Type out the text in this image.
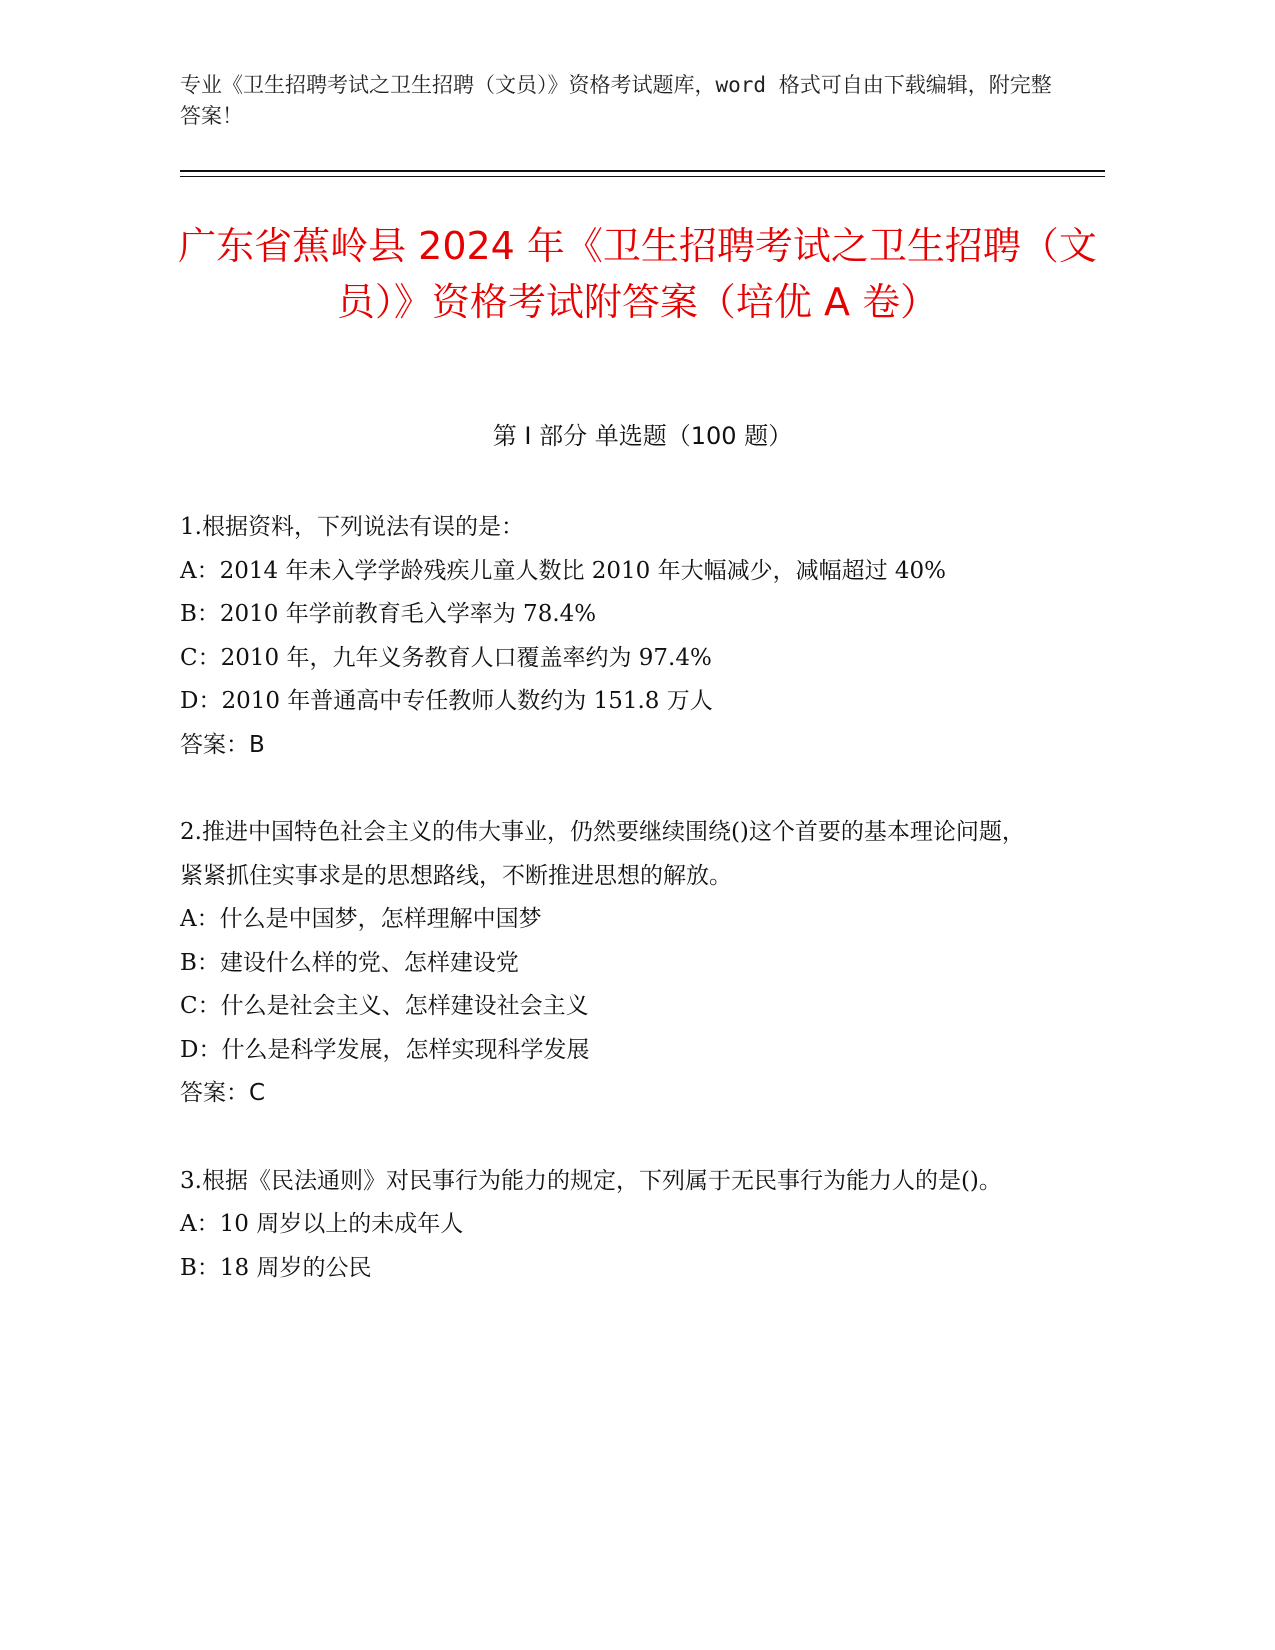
专业《卫生招聘考试之卫生招聘（文员）》资格考试题库，word 格式可自由下载编辑，附完整答案！
广东省蕉岭县 2024 年《卫生招聘考试之卫生招聘（文员）》资格考试附答案（培优 A 卷）
第 I 部分 单选题（100 题）
1.根据资料，下列说法有误的是：
A：2014 年未入学学龄残疾儿童人数比 2010 年大幅减少，减幅超过 40%
B：2010 年学前教育毛入学率为 78.4%
C：2010 年，九年义务教育人口覆盖率约为 97.4%
D：2010 年普通高中专任教师人数约为 151.8 万人
答案：B
2.推进中国特色社会主义的伟大事业，仍然要继续围绕()这个首要的基本理论问题，紧紧抓住实事求是的思想路线，不断推进思想的解放。
A：什么是中国梦，怎样理解中国梦
B：建设什么样的党、怎样建设党
C：什么是社会主义、怎样建设社会主义
D：什么是科学发展，怎样实现科学发展
答案：C
3.根据《民法通则》对民事行为能力的规定，下列属于无民事行为能力人的是()。
A：10 周岁以上的未成年人
B：18 周岁的公民
